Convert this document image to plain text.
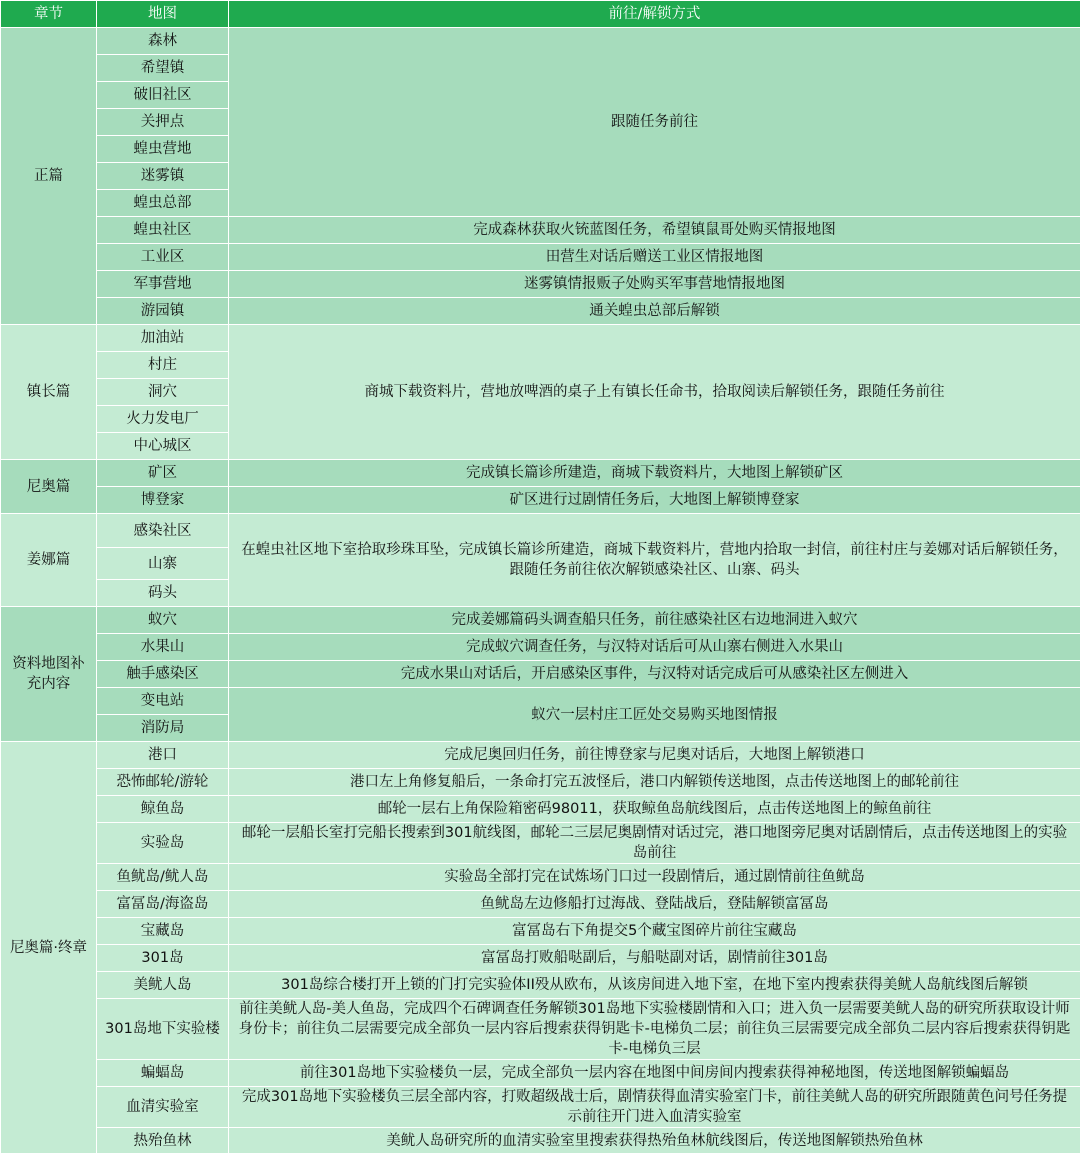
章节	地图	前往/解锁方式
正篇	森林	跟随任务前往
	希望镇	
	破旧社区	
	关押点	
	蝗虫营地	
	迷雾镇	
	蝗虫总部	
	蝗虫社区	完成森林获取火铳蓝图任务，希望镇鼠哥处购买情报地图
	工业区	田营生对话后赠送工业区情报地图
	军事营地	迷雾镇情报贩子处购买军事营地情报地图
	游园镇	通关蝗虫总部后解锁
镇长篇	加油站	商城下载资料片，营地放啤酒的桌子上有镇长任命书，拾取阅读后解锁任务，跟随任务前往
	村庄	
	洞穴	
	火力发电厂	
	中心城区	
尼奥篇	矿区	完成镇长篇诊所建造，商城下载资料片，大地图上解锁矿区
	博登家	矿区进行过剧情任务后，大地图上解锁博登家
姜娜篇	感染社区	在蝗虫社区地下室拾取珍珠耳坠，完成镇长篇诊所建造，商城下载资料片，营地内拾取一封信，前往村庄与姜娜对话后解锁任务，跟随任务前往依次解锁感染社区、山寨、码头
	山寨	
	码头	
资料地图补充内容	蚁穴	完成姜娜篇码头调查船只任务，前往感染社区右边地洞进入蚁穴
	水果山	完成蚁穴调查任务，与汉特对话后可从山寨右侧进入水果山
	触手感染区	完成水果山对话后，开启感染区事件，与汉特对话完成后可从感染社区左侧进入
	变电站	蚁穴一层村庄工匠处交易购买地图情报
	消防局	
尼奥篇·终章	港口	完成尼奥回归任务，前往博登家与尼奥对话后，大地图上解锁港口
	恐怖邮轮/游轮	港口左上角修复船后，一条命打完五波怪后，港口内解锁传送地图，点击传送地图上的邮轮前往
	鲸鱼岛	邮轮一层右上角保险箱密码98011，获取鲸鱼岛航线图后，点击传送地图上的鲸鱼前往
	实验岛	邮轮一层船长室打完船长搜索到301航线图，邮轮二三层尼奥剧情对话过完，港口地图旁尼奥对话剧情后，点击传送地图上的实验岛前往
	鱼鱿岛/鱿人岛	实验岛全部打完在试炼场门口过一段剧情后，通过剧情前往鱼鱿岛
	富冨岛/海盗岛	鱼鱿岛左边修船打过海战、登陆战后，登陆解锁富冨岛
	宝藏岛	富冨岛右下角提交5个藏宝图碎片前往宝藏岛
	301岛	富冨岛打败船哒副后，与船哒副对话，剧情前往301岛
	美鱿人岛	301岛综合楼打开上锁的门打完实验体II殁从欧布，从该房间进入地下室，在地下室内搜索获得美鱿人岛航线图后解锁
	301岛地下实验楼	前往美鱿人岛-美人鱼岛，完成四个石碑调查任务解锁301岛地下实验楼剧情和入口；进入负一层需要美鱿人岛的研究所获取设计师身份卡；前往负二层需要完成全部负一层内容后搜索获得钥匙卡-电梯负二层；前往负三层需要完成全部负二层内容后搜索获得钥匙卡-电梯负三层
	蝙蝠岛	前往301岛地下实验楼负一层，完成全部负一层内容在地图中间房间内搜索获得神秘地图，传送地图解锁蝙蝠岛
	血清实验室	完成301岛地下实验楼负三层全部内容，打败超级战士后，剧情获得血清实验室门卡，前往美鱿人岛的研究所跟随黄色问号任务提示前往开门进入血清实验室
	热殆鱼林	美鱿人岛研究所的血清实验室里搜索获得热殆鱼林航线图后，传送地图解锁热殆鱼林
